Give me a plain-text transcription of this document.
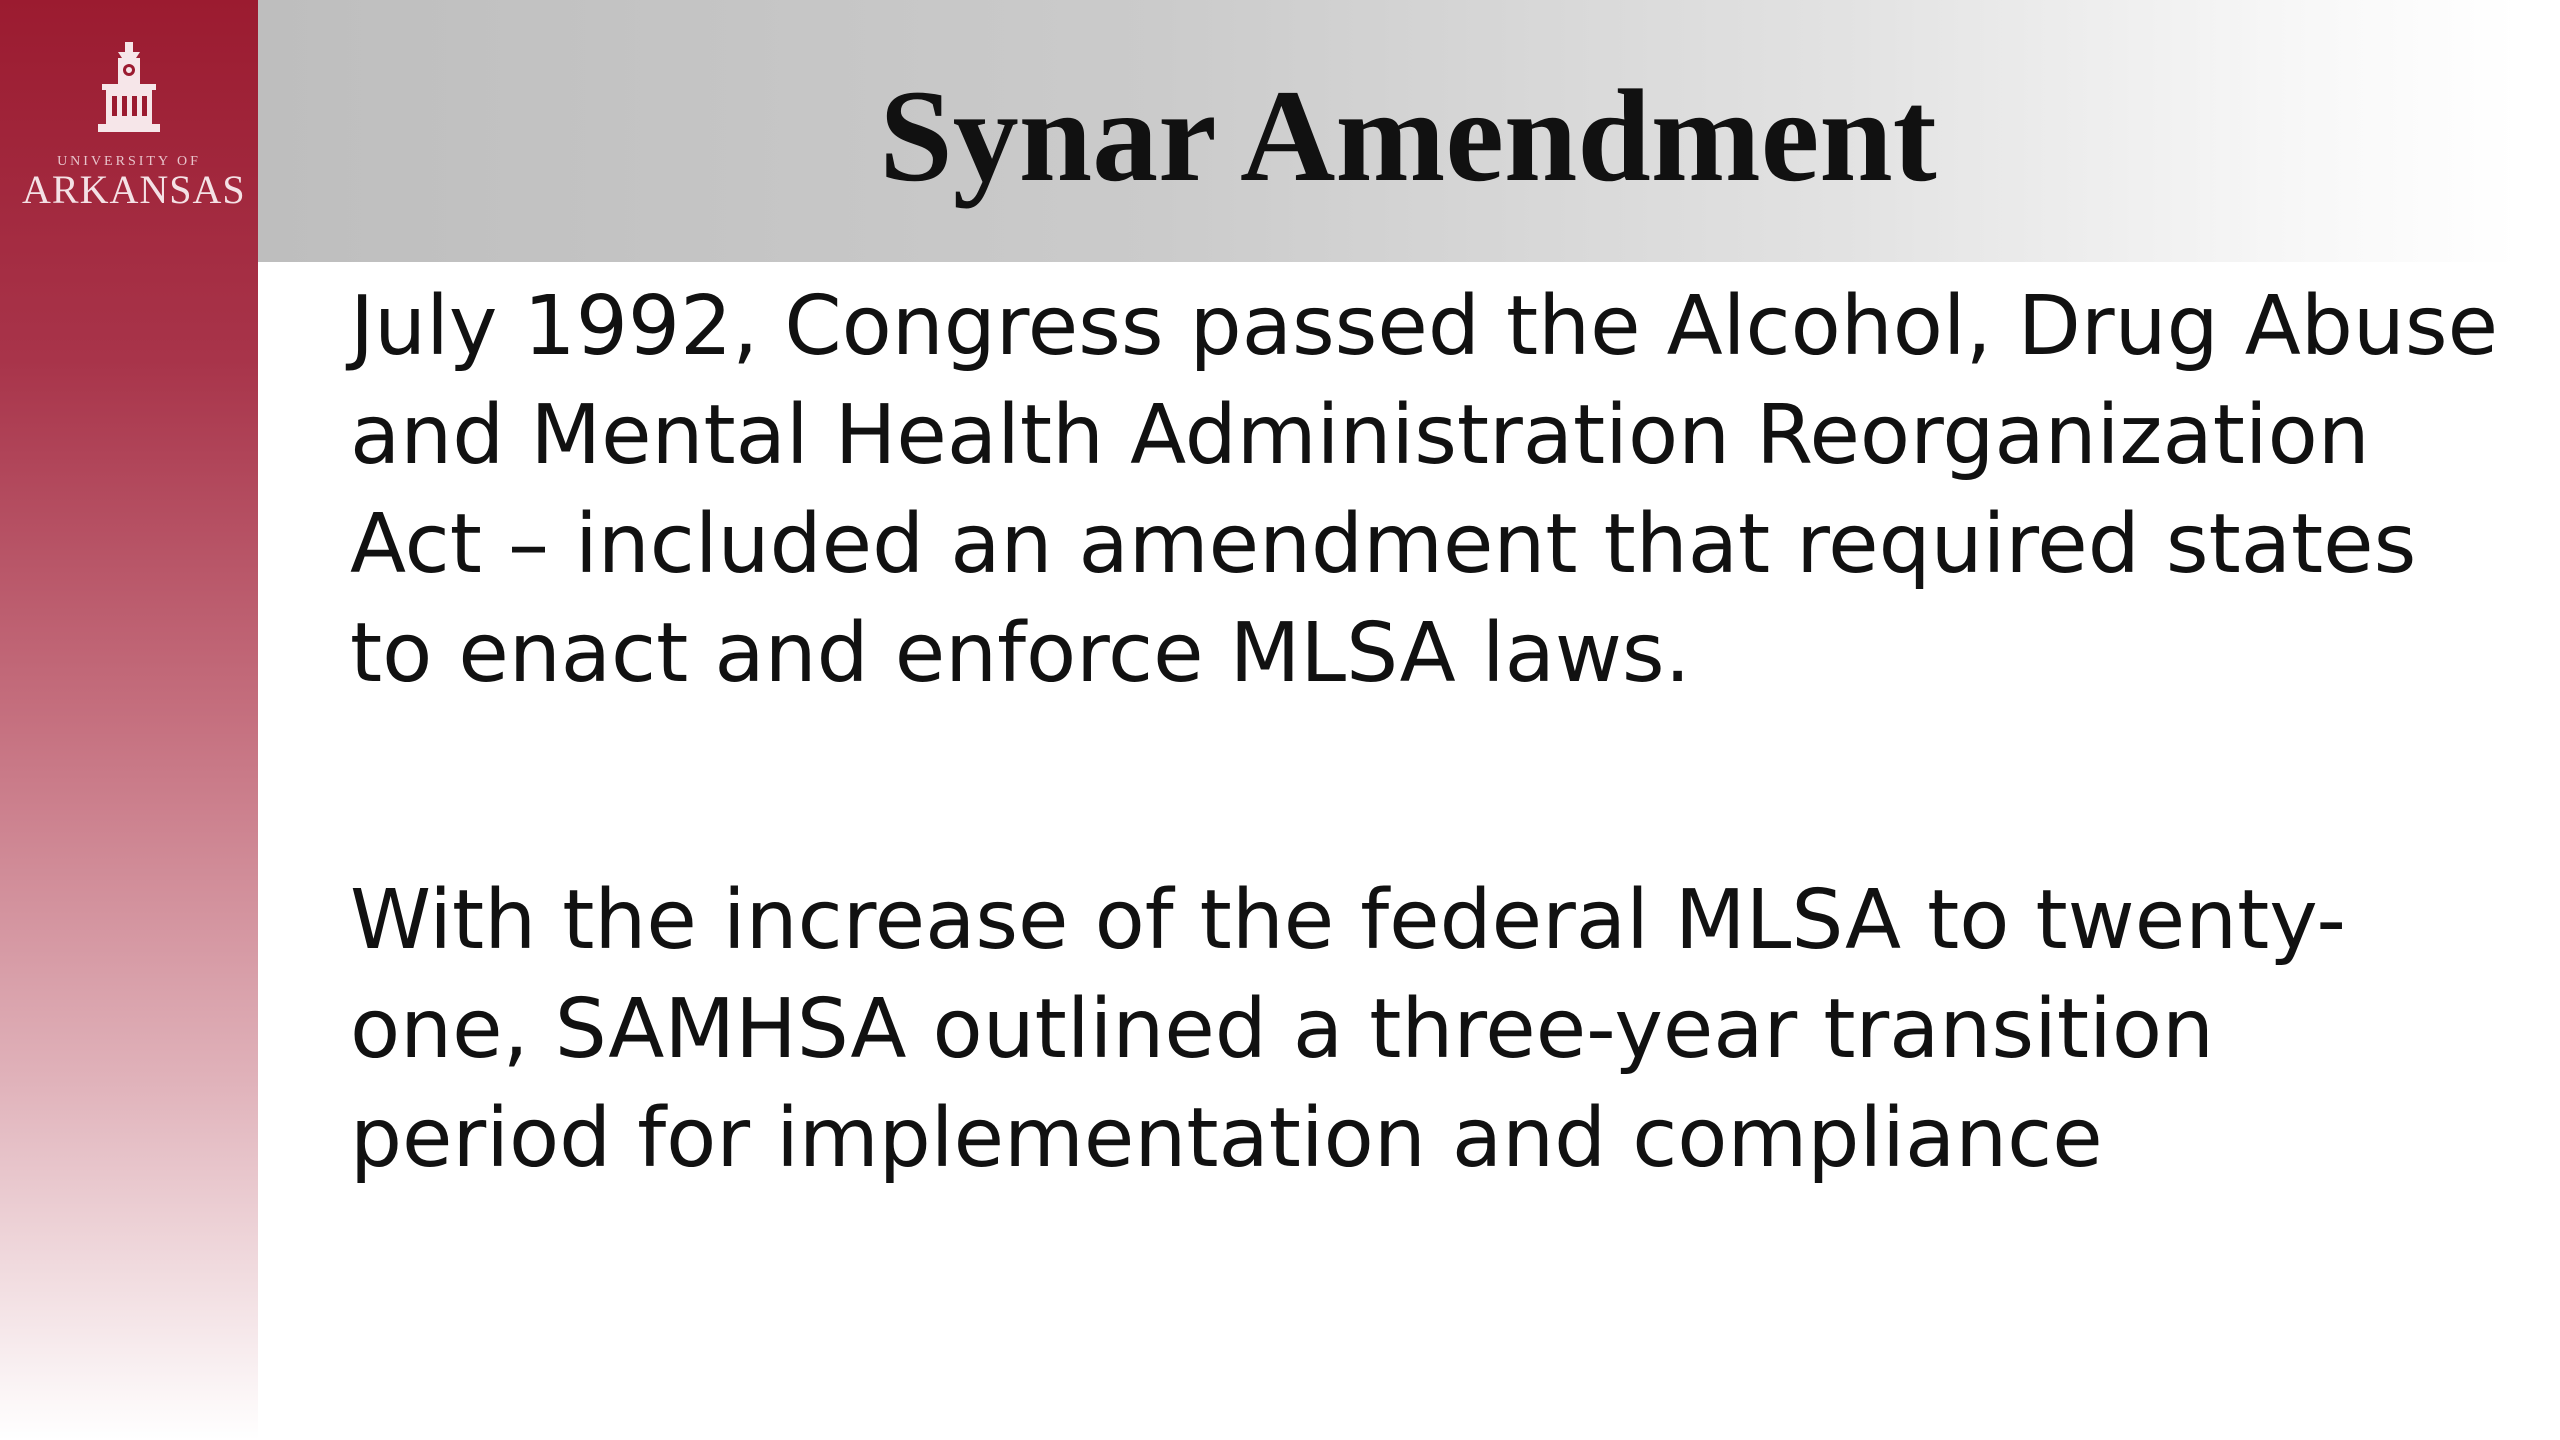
UNIVERSITY OF
ARKANSAS	Synar Amendment

July 1992, Congress passed the Alcohol, Drug Abuse and Mental Health Administration Reorganization Act – included an amendment that required states to enact and enforce MLSA laws.

With the increase of the federal MLSA to twenty-one, SAMHSA outlined a three-year transition period for implementation and compliance
